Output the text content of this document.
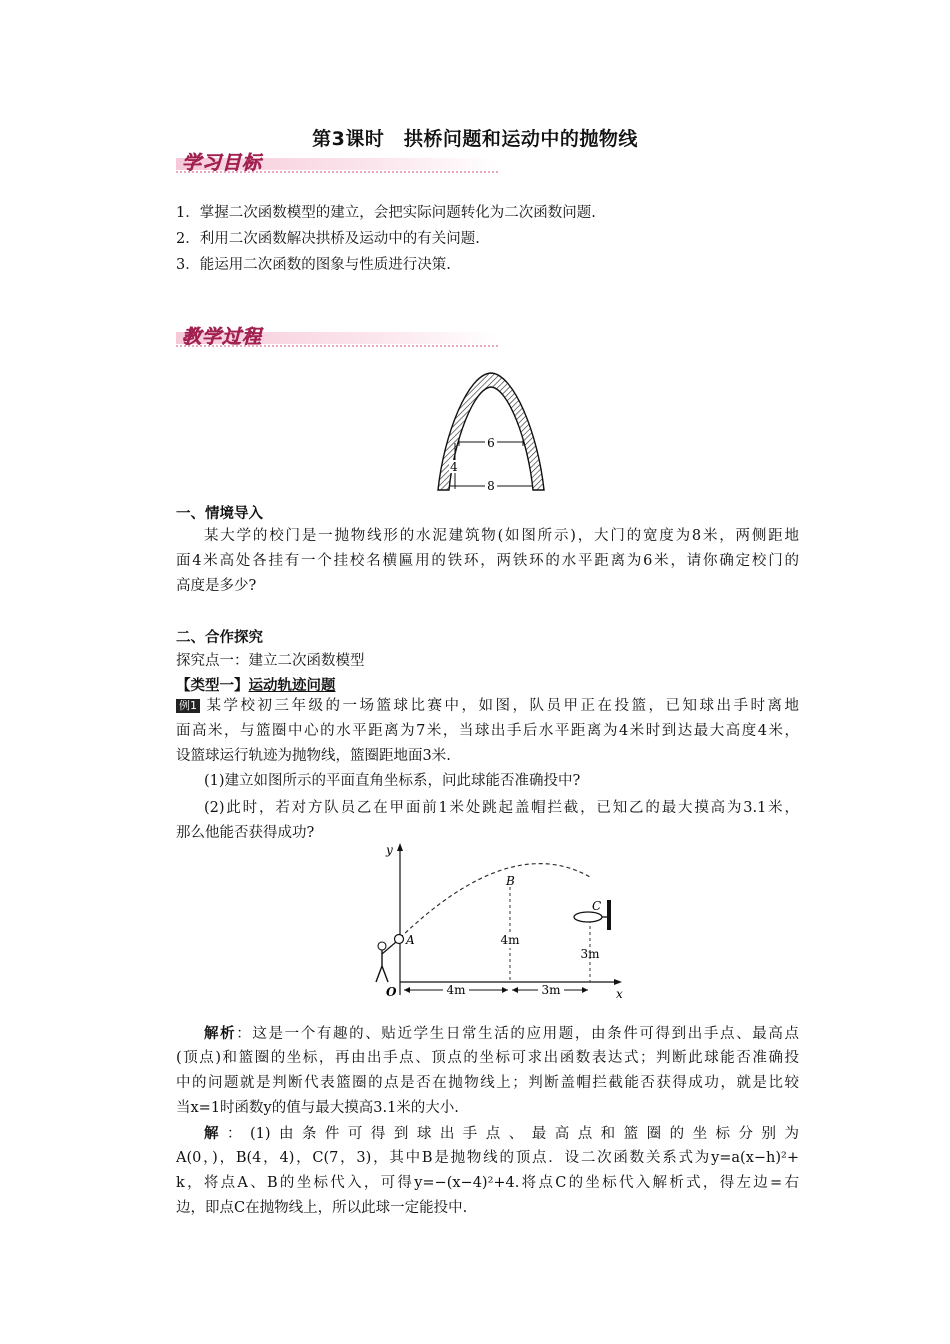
第3课时　拱桥问题和运动中的抛物线
学习目标
1．掌握二次函数模型的建立，会把实际问题转化为二次函数问题.
2．利用二次函数解决拱桥及运动中的有关问题.
3．能运用二次函数的图象与性质进行决策.
教学过程
6
4
8
一、情境导入
某大学的校门是一抛物线形的水泥建筑物(如图所示)，大门的宽度为8米，两侧距地
面4米高处各挂有一个挂校名横匾用的铁环，两铁环的水平距离为6米，请你确定校门的
高度是多少?
二、合作探究
探究点一：建立二次函数模型
【类型一】运动轨迹问题
例1 某学校初三年级的一场篮球比赛中，如图，队员甲正在投篮，已知球出手时离地
面高米，与篮圈中心的水平距离为7米，当球出手后水平距离为4米时到达最大高度4米，
设篮球运行轨迹为抛物线，篮圈距地面3米.
(1)建立如图所示的平面直角坐标系，问此球能否准确投中?
(2)此时，若对方队员乙在甲面前1米处跳起盖帽拦截，已知乙的最大摸高为3.1米，
那么他能否获得成功?
y
x
O
A
B
4m
C
3m
4m	3m
解析：这是一个有趣的、贴近学生日常生活的应用题，由条件可得到出手点、最高点
(顶点)和篮圈的坐标，再由出手点、顶点的坐标可求出函数表达式；判断此球能否准确投
中的问题就是判断代表篮圈的点是否在抛物线上；判断盖帽拦截能否获得成功，就是比较
当x=1时函数y的值与最大摸高3.1米的大小.
解：(1)由条件可得到球出手点、最高点和篮圈的坐标分别为
A(0，)，B(4，4)，C(7，3)，其中B是抛物线的顶点．设二次函数关系式为y=a(x−h)²+
k，将点A、B的坐标代入，可得y=−(x−4)²+4.将点C的坐标代入解析式，得左边=右
边，即点C在抛物线上，所以此球一定能投中.
